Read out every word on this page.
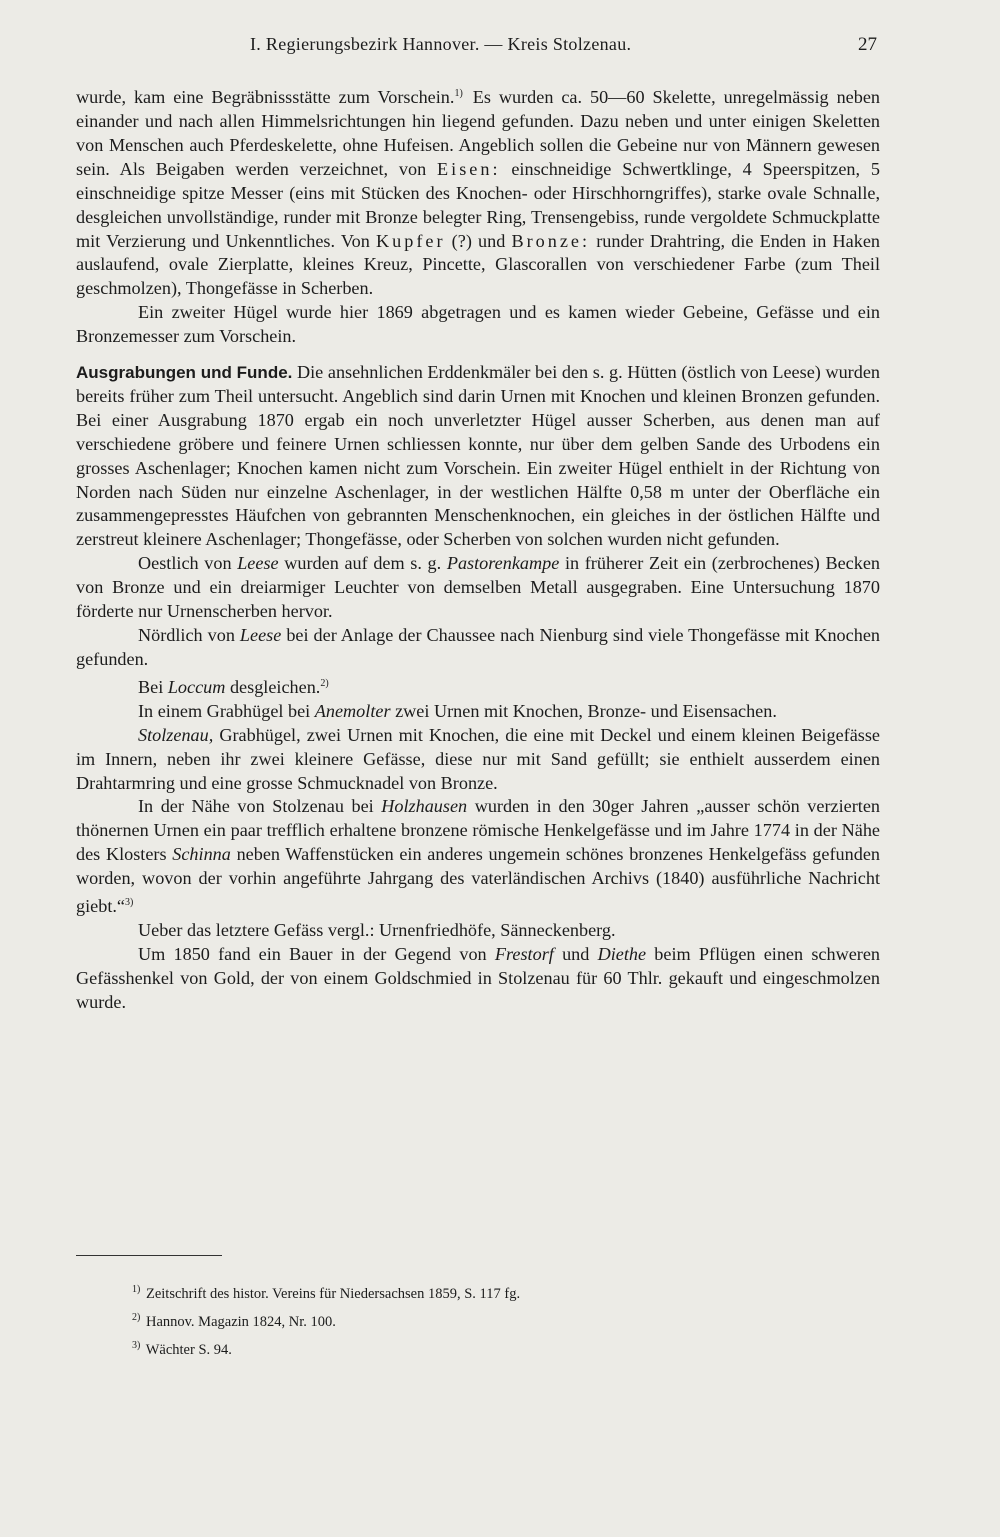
I. Regierungsbezirk Hannover. — Kreis Stolzenau.	27

wurde, kam eine Begräbnissstätte zum Vorschein.$^{1)}$ Es wurden ca. 50—60 Skelette, unregelmässig neben einander und nach allen Himmelsrichtungen hin liegend gefunden. Dazu neben und unter einigen Skeletten von Menschen auch Pferdeskelette, ohne Hufeisen. Angeblich sollen die Gebeine nur von Männern gewesen sein. Als Beigaben werden verzeichnet, von Eisen: einschneidige Schwertklinge, 4 Speerspitzen, 5 einschneidige spitze Messer (eins mit Stücken des Knochen- oder Hirschhorngriffes), starke ovale Schnalle, desgleichen unvollständige, runder mit Bronze belegter Ring, Trensengebiss, runde vergoldete Schmuckplatte mit Verzierung und Unkenntliches. Von Kupfer (?) und Bronze: runder Drahtring, die Enden in Haken auslaufend, ovale Zierplatte, kleines Kreuz, Pincette, Glascorallen von verschiedener Farbe (zum Theil geschmolzen), Thongefässe in Scherben.

Ein zweiter Hügel wurde hier 1869 abgetragen und es kamen wieder Gebeine, Gefässe und ein Bronzemesser zum Vorschein.

Ausgrabungen und Funde. Die ansehnlichen Erddenkmäler bei den s. g. Hütten (östlich von Leese) wurden bereits früher zum Theil untersucht. Angeblich sind darin Urnen mit Knochen und kleinen Bronzen gefunden. Bei einer Ausgrabung 1870 ergab ein noch unverletzter Hügel ausser Scherben, aus denen man auf verschiedene gröbere und feinere Urnen schliessen konnte, nur über dem gelben Sande des Urbodens ein grosses Aschenlager; Knochen kamen nicht zum Vorschein. Ein zweiter Hügel enthielt in der Richtung von Norden nach Süden nur einzelne Aschenlager, in der westlichen Hälfte 0,58 m unter der Oberfläche ein zusammengepresstes Häufchen von gebrannten Menschenknochen, ein gleiches in der östlichen Hälfte und zerstreut kleinere Aschenlager; Thongefässe, oder Scherben von solchen wurden nicht gefunden.

Oestlich von Leese wurden auf dem s. g. Pastorenkampe in früherer Zeit ein (zerbrochenes) Becken von Bronze und ein dreiarmiger Leuchter von demselben Metall ausgegraben. Eine Untersuchung 1870 förderte nur Urnenscherben hervor.

Nördlich von Leese bei der Anlage der Chaussee nach Nienburg sind viele Thongefässe mit Knochen gefunden.

Bei Loccum desgleichen.$^{2)}$

In einem Grabhügel bei Anemolter zwei Urnen mit Knochen, Bronze- und Eisensachen.

Stolzenau, Grabhügel, zwei Urnen mit Knochen, die eine mit Deckel und einem kleinen Beigefässe im Innern, neben ihr zwei kleinere Gefässe, diese nur mit Sand gefüllt; sie enthielt ausserdem einen Drahtarmring und eine grosse Schmucknadel von Bronze.

In der Nähe von Stolzenau bei Holzhausen wurden in den 30ger Jahren „ausser schön verzierten thönernen Urnen ein paar trefflich erhaltene bronzene römische Henkelgefässe und im Jahre 1774 in der Nähe des Klosters Schinna neben Waffenstücken ein anderes ungemein schönes bronzenes Henkelgefäss gefunden worden, wovon der vorhin angeführte Jahrgang des vaterländischen Archivs (1840) ausführliche Nachricht giebt.“$^{3)}$

Ueber das letztere Gefäss vergl.: Urnenfriedhöfe, Sänneckenberg.

Um 1850 fand ein Bauer in der Gegend von Frestorf und Diethe beim Pflügen einen schweren Gefässhenkel von Gold, der von einem Goldschmied in Stolzenau für 60 Thlr. gekauft und eingeschmolzen wurde.

$^{1)}$ Zeitschrift des histor. Vereins für Niedersachsen 1859, S. 117 fg.
$^{2)}$ Hannov. Magazin 1824, Nr. 100.
$^{3)}$ Wächter S. 94.
